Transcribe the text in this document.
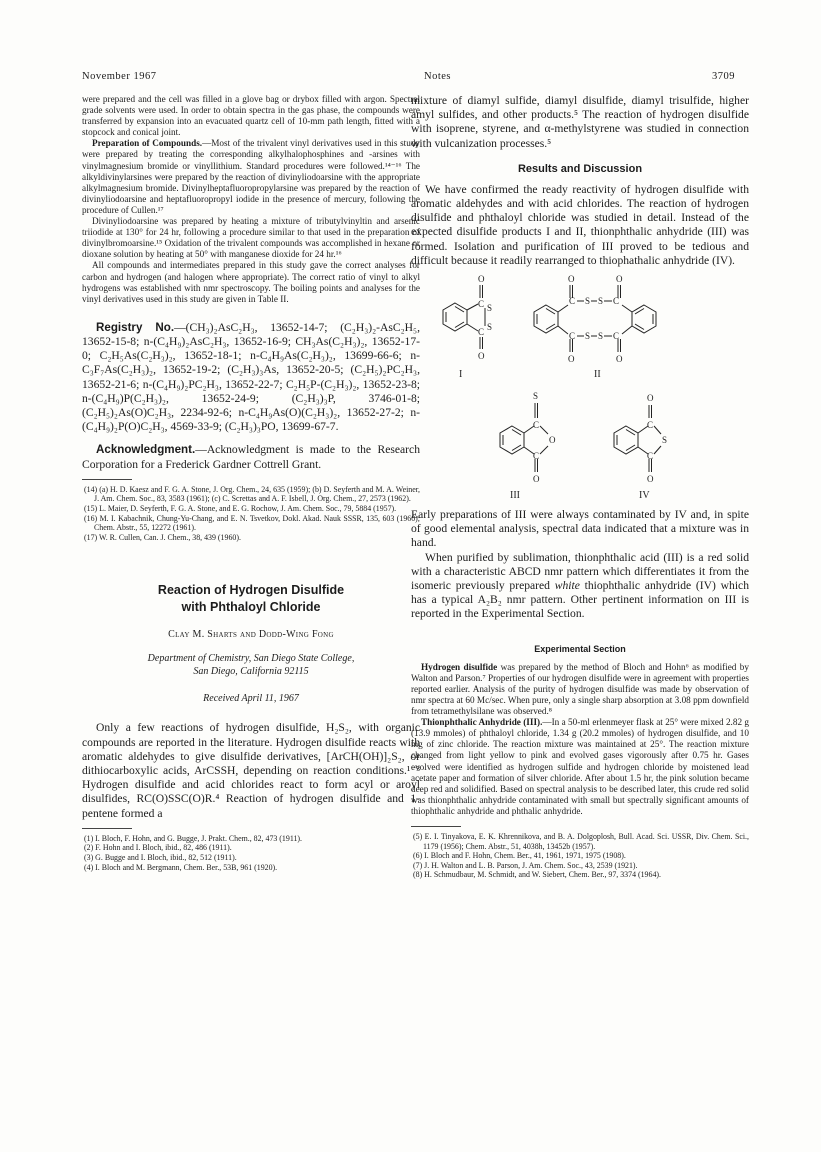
November 1967	Notes	3709

were prepared and the cell was filled in a glove bag or drybox filled with argon. Spectral grade solvents were used. In order to obtain spectra in the gas phase, the compounds were transferred by expansion into an evacuated quartz cell of 10-mm path length, fitted with a stopcock and conical joint.

Preparation of Compounds.—Most of the trivalent vinyl derivatives used in this study were prepared by treating the corresponding alkylhalophosphines and -arsines with vinylmagnesium bromide or vinyllithium. Standard procedures were followed.¹⁴⁻¹⁶ The alkyldivinylarsines were prepared by the reaction of divinyliodoarsine with the appropriate alkylmagnesium bromide. Divinylheptafluoropropylarsine was prepared by the reaction of divinyliodoarsine and heptafluoropropyl iodide in the presence of mercury, following the procedure of Cullen.¹⁷

Divinyliodoarsine was prepared by heating a mixture of tributylvinyltin and arsenic triiodide at 130° for 24 hr, following a procedure similar to that used in the preparation of divinylbromoarsine.¹⁵ Oxidation of the trivalent compounds was accomplished in hexane or dioxane solution by heating at 50° with manganese dioxide for 24 hr.¹⁶

All compounds and intermediates prepared in this study gave the correct analyses for carbon and hydrogen (and halogen where appropriate). The correct ratio of vinyl to alkyl hydrogens was established with nmr spectroscopy. The boiling points and analyses for the vinyl derivatives used in this study are given in Table II.

Registry No.—(CH₃)₂AsC₂H₃, 13652-14-7; (C₂H₃)₂-AsC₂H₅, 13652-15-8; n-(C₄H₉)₂AsC₂H₃, 13652-16-9; CH₃As(C₂H₃)₂, 13652-17-0; C₂H₅As(C₂H₃)₂, 13652-18-1; n-C₄H₉As(C₂H₃)₂, 13699-66-6; n-C₃F₇As(C₂H₃)₂, 13652-19-2; (C₂H₃)₃As, 13652-20-5; (C₂H₅)₂PC₂H₃, 13652-21-6; n-(C₄H₉)₂PC₂H₃, 13652-22-7; C₂H₅P-(C₂H₃)₂, 13652-23-8; n-(C₄H₉)P(C₂H₃)₂, 13652-24-9; (C₂H₃)₃P, 3746-01-8; (C₂H₅)₂As(O)C₂H₃, 2234-92-6; n-C₄H₉As(O)(C₂H₃)₂, 13652-27-2; n-(C₄H₉)₂P(O)C₂H₃, 4569-33-9; (C₂H₃)₃PO, 13699-67-7.

Acknowledgment.—Acknowledgment is made to the Research Corporation for a Frederick Gardner Cottrell Grant.

(14) (a) H. D. Kaesz and F. G. A. Stone, J. Org. Chem., 24, 635 (1959); (b) D. Seyferth and M. A. Weiner, J. Am. Chem. Soc., 83, 3583 (1961); (c) C. Screttas and A. F. Isbell, J. Org. Chem., 27, 2573 (1962).

(15) L. Maier, D. Seyferth, F. G. A. Stone, and E. G. Rochow, J. Am. Chem. Soc., 79, 5884 (1957).

(16) M. I. Kabachnik, Chung-Yu-Chang, and E. N. Tsvetkov, Dokl. Akad. Nauk SSSR, 135, 603 (1960); Chem. Abstr., 55, 12272 (1961).

(17) W. R. Cullen, Can. J. Chem., 38, 439 (1960).

Reaction of Hydrogen Disulfide
with Phthaloyl Chloride
Clay M. Sharts and Dodd-Wing Fong
Department of Chemistry, San Diego State College,
San Diego, California 92115
Received April 11, 1967

Only a few reactions of hydrogen disulfide, H₂S₂, with organic compounds are reported in the literature. Hydrogen disulfide reacts with aromatic aldehydes to give disulfide derivatives, [ArCH(OH)]₂S₂, or dithiocarboxylic acids, ArCSSH, depending on reaction conditions.¹⁻³ Hydrogen disulfide and acid chlorides react to form acyl or aroyl disulfides, RC(O)SSC(O)R.⁴ Reaction of hydrogen disulfide and 1-pentene formed a

(1) I. Bloch, F. Hohn, and G. Bugge, J. Prakt. Chem., 82, 473 (1911).

(2) F. Hohn and I. Bloch, ibid., 82, 486 (1911).

(3) G. Bugge and I. Bloch, ibid., 82, 512 (1911).

(4) I. Bloch and M. Bergmann, Chem. Ber., 53B, 961 (1920).

mixture of diamyl sulfide, diamyl disulfide, diamyl trisulfide, higher amyl sulfides, and other products.⁵ The reaction of hydrogen disulfide with isoprene, styrene, and α-methylstyrene was studied in connection with vulcanization processes.⁵

Results and Discussion

We have confirmed the ready reactivity of hydrogen disulfide with aromatic aldehydes and with acid chlorides. The reaction of hydrogen disulfide and phthaloyl chloride was studied in detail. Instead of the expected disulfide products I and II, thionphthalic anhydride (III) was formed. Isolation and purification of III proved to be tedious and difficult because it readily rearranged to thiophathalic anhydride (IV).

O
C S
S
C
O
O
C S S C
O
C S S C
O	O
I	II
S
C
O
C
O
O
C
S
C
O
III	IV

Early preparations of III were always contaminated by IV and, in spite of good elemental analysis, spectral data indicated that a mixture was in hand.

When purified by sublimation, thionphthalic acid (III) is a red solid with a characteristic ABCD nmr pattern which differentiates it from the isomeric previously prepared white thiophthalic anhydride (IV) which has a typical A₂B₂ nmr pattern. Other pertinent information on III is reported in the Experimental Section.

Experimental Section

Hydrogen disulfide was prepared by the method of Bloch and Hohn⁶ as modified by Walton and Parson.⁷ Properties of our hydrogen disulfide were in agreement with properties reported earlier. Analysis of the purity of hydrogen disulfide was made by observation of nmr spectra at 60 Mc/sec. When pure, only a single sharp absorption at 3.08 ppm downfield from tetramethylsilane was observed.⁸

Thionphthalic Anhydride (III).—In a 50-ml erlenmeyer flask at 25° were mixed 2.82 g (13.9 mmoles) of phthaloyl chloride, 1.34 g (20.2 mmoles) of hydrogen disulfide, and 10 mg of zinc chloride. The reaction mixture was maintained at 25°. The reaction mixture changed from light yellow to pink and evolved gases vigorously after 0.75 hr. Gases evolved were identified as hydrogen sulfide and hydrogen chloride by moistened lead acetate paper and formation of silver chloride. After about 1.5 hr, the pink solution became deep red and solidified. Based on spectral analysis to be described later, this crude red solid was thionphthalic anhydride contaminated with small but spectrally significant amounts of thiophthalic anhydride and phthalic anhydride.

(5) E. I. Tinyakova, E. K. Khrennikova, and B. A. Dolgoplosh, Bull. Acad. Sci. USSR, Div. Chem. Sci., 1179 (1956); Chem. Abstr., 51, 4038h, 13452b (1957).

(6) I. Bloch and F. Hohn, Chem. Ber., 41, 1961, 1971, 1975 (1908).

(7) J. H. Walton and L. B. Parson, J. Am. Chem. Soc., 43, 2539 (1921).

(8) H. Schmudbaur, M. Schmidt, and W. Siebert, Chem. Ber., 97, 3374 (1964).
